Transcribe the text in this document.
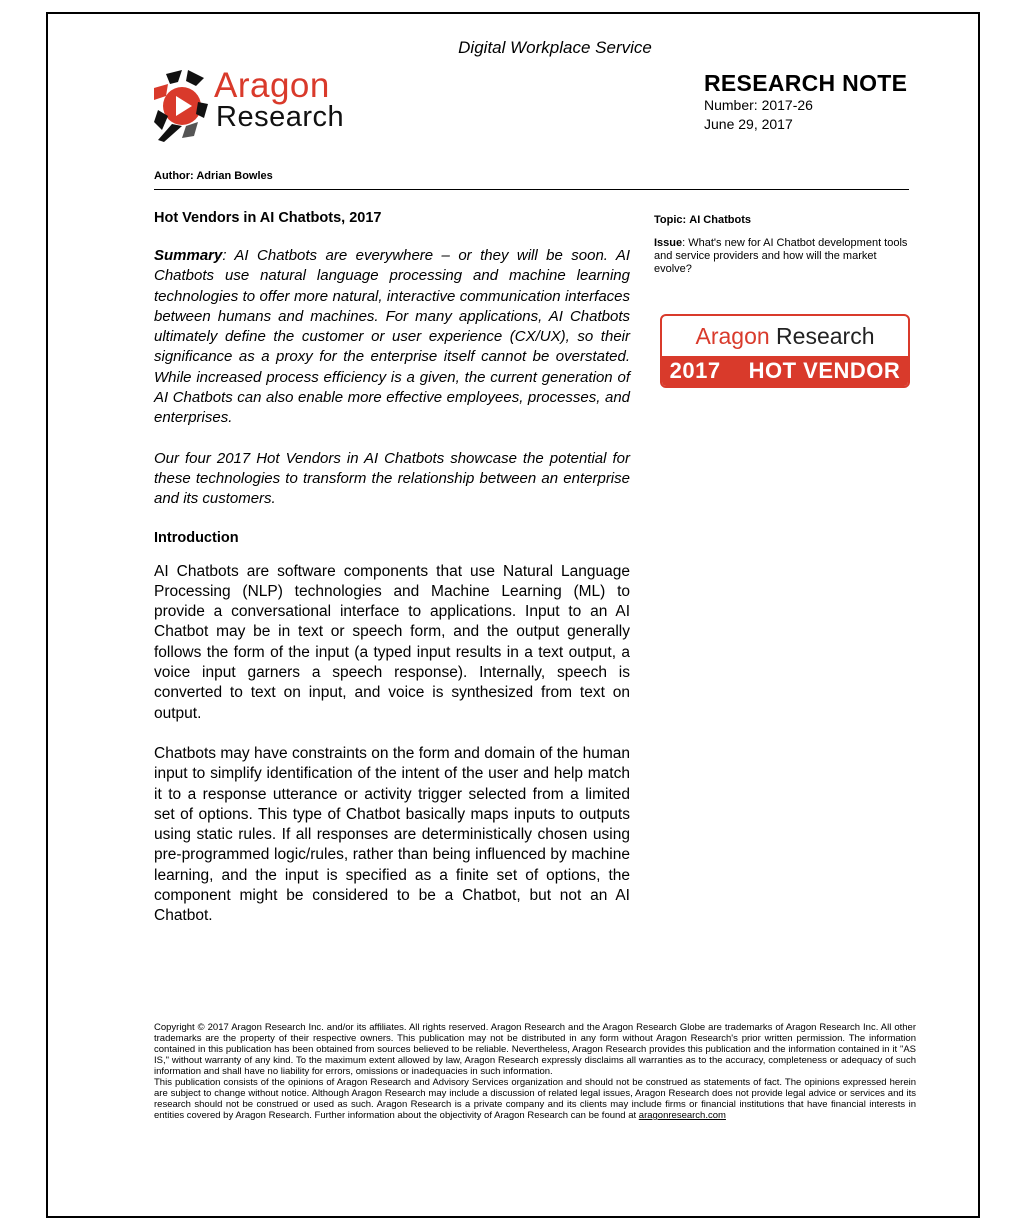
Digital Workplace Service
Aragon
Research
RESEARCH NOTE
Number: 2017-26
June 29, 2017
Author: Adrian Bowles
Hot Vendors in AI Chatbots, 2017

Summary: AI Chatbots are everywhere – or they will be soon. AI Chatbots use natural language processing and machine learning technologies to offer more natural, interactive communication interfaces between humans and machines. For many applications, AI Chatbots ultimately define the customer or user experience (CX/UX), so their significance as a proxy for the enterprise itself cannot be overstated. While increased process efficiency is a given, the current generation of AI Chatbots can also enable more effective employees, processes, and enterprises.

Our four 2017 Hot Vendors in AI Chatbots showcase the potential for these technologies to transform the relationship between an enterprise and its customers.

Introduction

AI Chatbots are software components that use Natural Language Processing (NLP) technologies and Machine Learning (ML) to provide a conversational interface to applications. Input to an AI Chatbot may be in text or speech form, and the output generally follows the form of the input (a typed input results in a text output, a voice input garners a speech response). Internally, speech is converted to text on input, and voice is synthesized from text on output.

Chatbots may have constraints on the form and domain of the human input to simplify identification of the intent of the user and help match it to a response utterance or activity trigger selected from a limited set of options. This type of Chatbot basically maps inputs to outputs using static rules. If all responses are deterministically chosen using pre-programmed logic/rules, rather than being influenced by machine learning, and the input is specified as a finite set of options, the component might be considered to be a Chatbot, but not an AI Chatbot.

Topic: AI Chatbots
Issue: What's new for AI Chatbot development tools and service providers and how will the market evolve?
Aragon Research
2017 HOT VENDOR

Copyright © 2017 Aragon Research Inc. and/or its affiliates. All rights reserved. Aragon Research and the Aragon Research Globe are trademarks of Aragon Research Inc. All other trademarks are the property of their respective owners. This publication may not be distributed in any form without Aragon Research's prior written permission. The information contained in this publication has been obtained from sources believed to be reliable. Nevertheless, Aragon Research provides this publication and the information contained in it "AS IS," without warranty of any kind. To the maximum extent allowed by law, Aragon Research expressly disclaims all warranties as to the accuracy, completeness or adequacy of such information and shall have no liability for errors, omissions or inadequacies in such information.

This publication consists of the opinions of Aragon Research and Advisory Services organization and should not be construed as statements of fact. The opinions expressed herein are subject to change without notice. Although Aragon Research may include a discussion of related legal issues, Aragon Research does not provide legal advice or services and its research should not be construed or used as such. Aragon Research is a private company and its clients may include firms or financial institutions that have financial interests in entities covered by Aragon Research. Further information about the objectivity of Aragon Research can be found at aragonresearch.com
